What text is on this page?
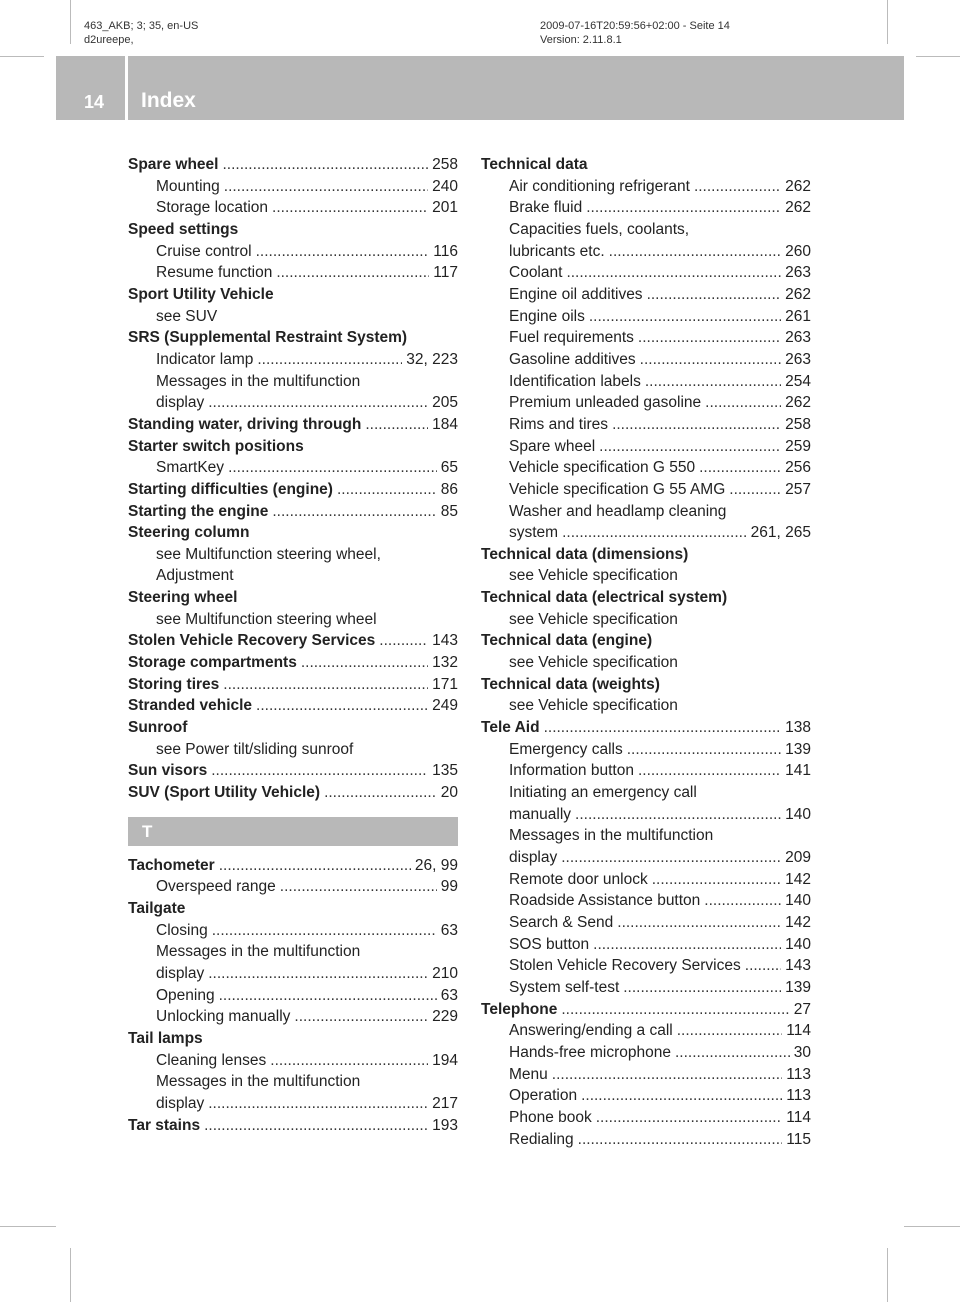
463_AKB; 3; 35, en-US
d2ureepe,
2009-07-16T20:59:56+02:00 - Seite 14
Version: 2.11.8.1
14 Index
Spare wheel .....	258
Mounting .....	240
Storage location .....	201
Speed settings
Cruise control .....	116
Resume function .....	117
Sport Utility Vehicle
see SUV
SRS (Supplemental Restraint System)
Indicator lamp .....	32, 223
Messages in the multifunction
display .....	205
Standing water, driving through .....	184
Starter switch positions
SmartKey .....	65
Starting difficulties (engine) .....	86
Starting the engine .....	85
Steering column
see Multifunction steering wheel,
Adjustment
Steering wheel
see Multifunction steering wheel
Stolen Vehicle Recovery Services .....	143
Storage compartments .....	132
Storing tires .....	171
Stranded vehicle .....	249
Sunroof
see Power tilt/sliding sunroof
Sun visors .....	135
SUV (Sport Utility Vehicle) .....	20
T
Tachometer .....	26, 99
Overspeed range .....	99
Tailgate
Closing .....	63
Messages in the multifunction
display .....	210
Opening .....	63
Unlocking manually .....	229
Tail lamps
Cleaning lenses .....	194
Messages in the multifunction
display .....	217
Tar stains .....	193
Technical data
Air conditioning refrigerant .....	262
Brake fluid .....	262
Capacities fuels, coolants,
lubricants etc. .....	260
Coolant .....	263
Engine oil additives .....	262
Engine oils .....	261
Fuel requirements .....	263
Gasoline additives .....	263
Identification labels .....	254
Premium unleaded gasoline .....	262
Rims and tires .....	258
Spare wheel .....	259
Vehicle specification G 550 .....	256
Vehicle specification G 55 AMG .....	257
Washer and headlamp cleaning
system .....	261, 265
Technical data (dimensions)
see Vehicle specification
Technical data (electrical system)
see Vehicle specification
Technical data (engine)
see Vehicle specification
Technical data (weights)
see Vehicle specification
Tele Aid .....	138
Emergency calls .....	139
Information button .....	141
Initiating an emergency call
manually .....	140
Messages in the multifunction
display .....	209
Remote door unlock .....	142
Roadside Assistance button .....	140
Search & Send .....	142
SOS button .....	140
Stolen Vehicle Recovery Services .....	143
System self-test .....	139
Telephone .....	27
Answering/ending a call .....	114
Hands-free microphone .....	30
Menu .....	113
Operation .....	113
Phone book .....	114
Redialing .....	115
